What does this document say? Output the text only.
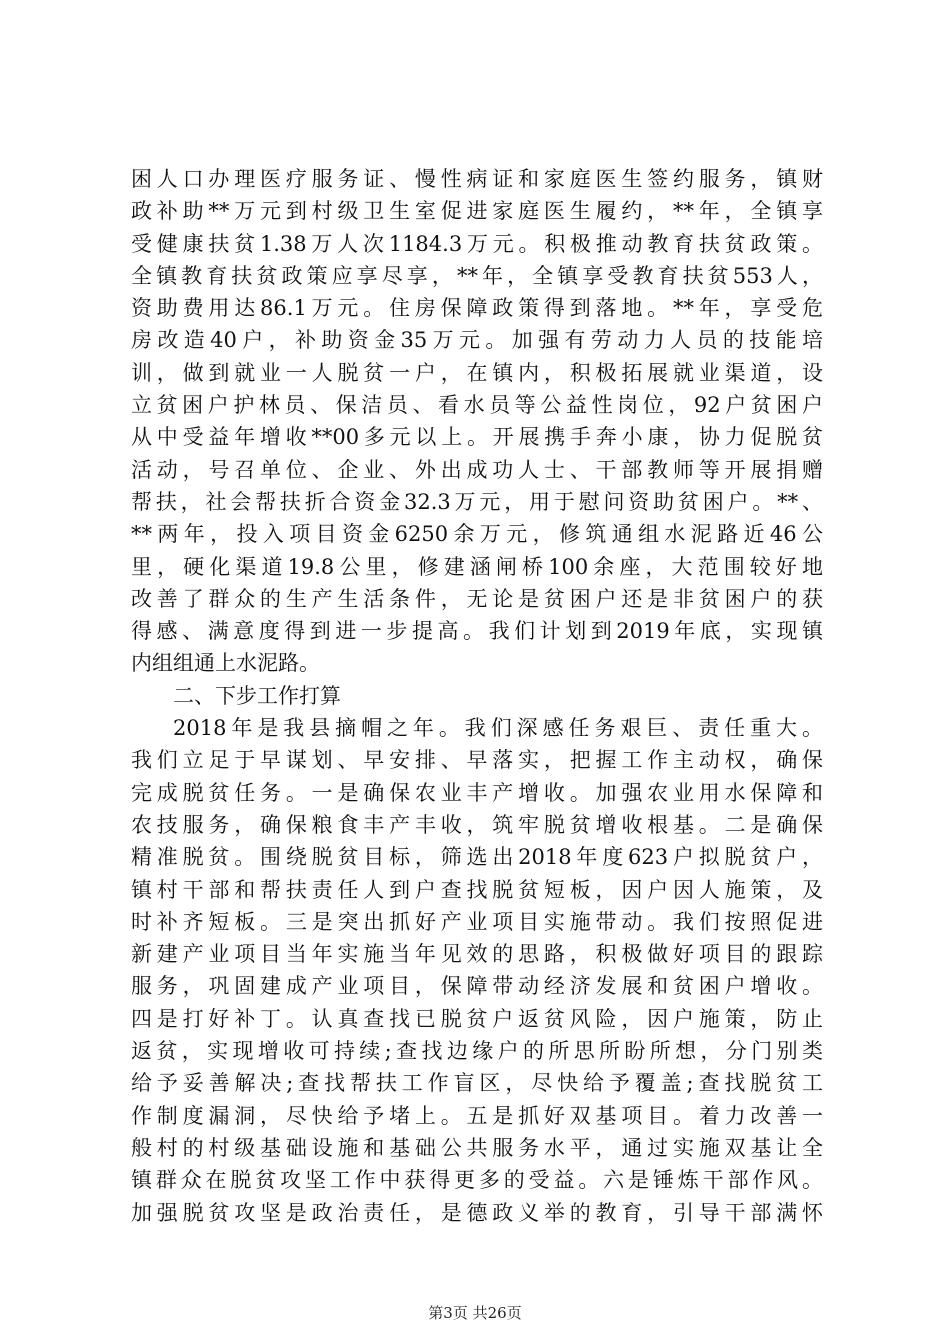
困人口办理医疗服务证、慢性病证和家庭医生签约服务，镇财
政补助**万元到村级卫生室促进家庭医生履约，**年，全镇享
受健康扶贫1.38万人次1184.3万元。积极推动教育扶贫政策。
全镇教育扶贫政策应享尽享，**年，全镇享受教育扶贫553人，
资助费用达86.1万元。住房保障政策得到落地。**年，享受危
房改造40户，补助资金35万元。加强有劳动力人员的技能培
训，做到就业一人脱贫一户，在镇内，积极拓展就业渠道，设
立贫困户护林员、保洁员、看水员等公益性岗位，92户贫困户
从中受益年增收**00多元以上。开展携手奔小康，协力促脱贫
活动，号召单位、企业、外出成功人士、干部教师等开展捐赠
帮扶，社会帮扶折合资金32.3万元，用于慰问资助贫困户。**、
**两年，投入项目资金6250余万元，修筑通组水泥路近46公
里，硬化渠道19.8公里，修建涵闸桥100余座，大范围较好地
改善了群众的生产生活条件，无论是贫困户还是非贫困户的获
得感、满意度得到进一步提高。我们计划到2019年底，实现镇
内组组通上水泥路。
二、下步工作打算
2018年是我县摘帽之年。我们深感任务艰巨、责任重大。
我们立足于早谋划、早安排、早落实，把握工作主动权，确保
完成脱贫任务。一是确保农业丰产增收。加强农业用水保障和
农技服务，确保粮食丰产丰收，筑牢脱贫增收根基。二是确保
精准脱贫。围绕脱贫目标，筛选出2018年度623户拟脱贫户，
镇村干部和帮扶责任人到户查找脱贫短板，因户因人施策，及
时补齐短板。三是突出抓好产业项目实施带动。我们按照促进
新建产业项目当年实施当年见效的思路，积极做好项目的跟踪
服务，巩固建成产业项目，保障带动经济发展和贫困户增收。
四是打好补丁。认真查找已脱贫户返贫风险，因户施策，防止
返贫，实现增收可持续;查找边缘户的所思所盼所想，分门别类
给予妥善解决;查找帮扶工作盲区，尽快给予覆盖;查找脱贫工
作制度漏洞，尽快给予堵上。五是抓好双基项目。着力改善一
般村的村级基础设施和基础公共服务水平，通过实施双基让全
镇群众在脱贫攻坚工作中获得更多的受益。六是锤炼干部作风。
加强脱贫攻坚是政治责任，是德政义举的教育，引导干部满怀
第3页 共26页
